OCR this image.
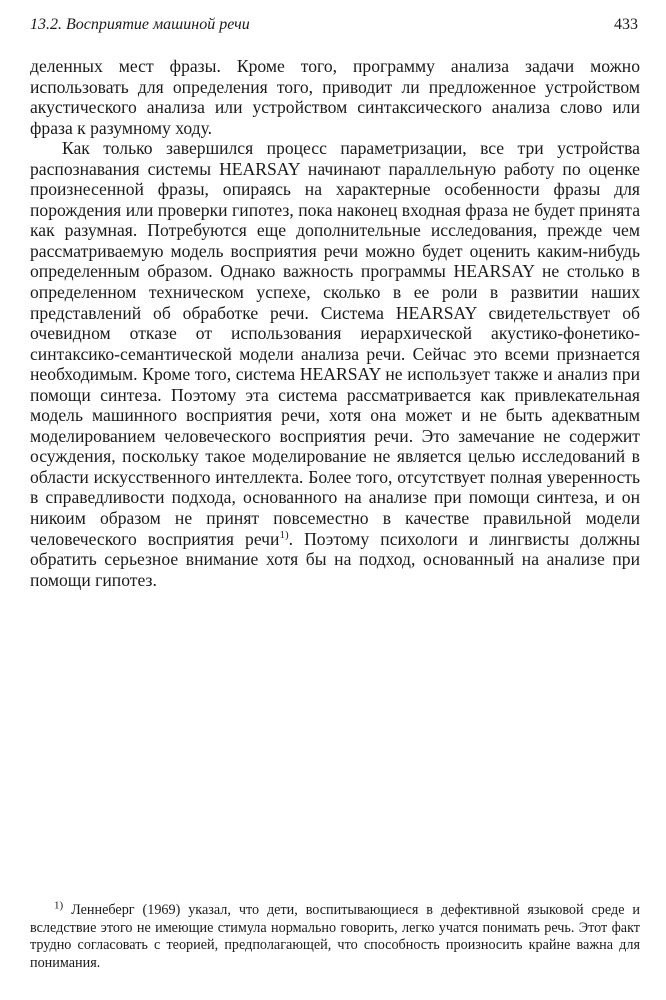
13.2. Восприятие машиной речи	433

деленных мест фразы. Кроме того, программу анализа задачи можно использовать для определения того, приводит ли предложенное устройством акустического анализа или устройством синтаксического анализа слово или фраза к разумному ходу.

Как только завершился процесс параметризации, все три устройства распознавания системы HEARSAY начинают параллельную работу по оценке произнесенной фразы, опираясь на характерные особенности фразы для порождения или проверки гипотез, пока наконец входная фраза не будет принята как разумная. Потребуются еще дополнительные исследования, прежде чем рассматриваемую модель восприятия речи можно будет оценить каким-нибудь определенным образом. Однако важность программы HEARSAY не столько в определенном техническом успехе, сколько в ее роли в развитии наших представлений об обработке речи. Система HEARSAY свидетельствует об очевидном отказе от использования иерархической акустико-фонетико-синтаксико-семантической модели анализа речи. Сейчас это всеми признается необходимым. Кроме того, система HEARSAY не использует также и анализ при помощи синтеза. Поэтому эта система рассматривается как привлекательная модель машинного восприятия речи, хотя она может и не быть адекватным моделированием человеческого восприятия речи. Это замечание не содержит осуждения, поскольку такое моделирование не является целью исследований в области искусственного интеллекта. Более того, отсутствует полная уверенность в справедливости подхода, основанного на анализе при помощи синтеза, и он никоим образом не принят повсеместно в качестве правильной модели человеческого восприятия речи$^{1)}$. Поэтому психологи и лингвисты должны обратить серьезное внимание хотя бы на подход, основанный на анализе при помощи гипотез.

$^{1)}$ Леннеберг (1969) указал, что дети, воспитывающиеся в дефективной языковой среде и вследствие этого не имеющие стимула нормально говорить, легко учатся понимать речь. Этот факт трудно согласовать с теорией, предполагающей, что способность произносить крайне важна для понимания.
